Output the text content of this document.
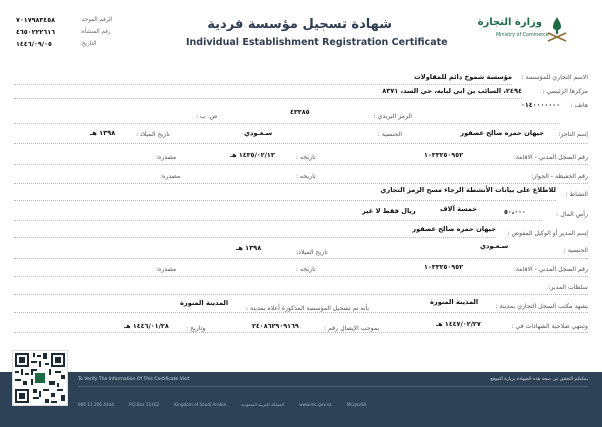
٧٠١٧٩٨٣٤٥٨	الرقم الموحد:
٤٦٥٠٢٢٢٦١٦	رقم المنشأة:
١٤٤٦/٠٩/٠٥	التاريخ:
شهادة تسجيل مؤسسة فردية
Individual Establishment Registration Certificate
وزارة التجارة
Ministry of Commerce
الاسم التجاري للمؤسسة :
مؤسسة شموخ دائم للمقاولات
مركزها الرئيسي :
٢٤٩٤، السائب بن ابي لبابه، حي السد، ٨٣٧١
هاتف :
٠١٤٠٠٠٠٠٠٠
ص. ب :	الرمز البريدي :
٤٣٣٨٥
إسم التاجر:
جيهان حمزه صالح عصفور
الجنسية :
سـعـودي
تاريخ الميلاد :
١٣٩٨ هـ
رقم السجل المدني - الاقامة:
١٠٣٣٢٥٠٩٥٢
تاريخه :
١٤٣٥/٠٢/١٣ هـ
مصدره:
رقم الحفيظة - الجواز:
تاريخه :
مصدره:
النشاط :
للاطلاع على بيانات الأنشطة الرجاء مسح الرمز التجاري
رأس المال :
٥٠،٠٠٠
خمسة آلاف
ريال فقط لا غير
إسم المدير أو الوكيل المفوض :
جيهان حمزه صالح عصفور
الجنسية :
سـعـودي
تاريخ الميلاد:
١٣٩٨ هـ
رقم السجل المدني - الاقامة:
١٠٣٣٢٥٠٩٥٢
تاريخه :
مصدره:
سلطات المدير:
يشهد مكتب السجل التجاري بمدينة :
المدينة المنورة
بأنه تم تسجيل المؤسسة المذكورة أعلاه بمدينة :
المدينة المنورة
وتنتهي صلاحية الشهادات في :
١٤٤٧/٠٢/٢٧ هـ
بموجب الإيصال رقم :
٢٤٠٨٦٢٩٠٩١٦٩
وتاريخ :
١٤٤٦/٠١/٢٨ هـ
To Verify The Information Of This Certificate Visit	يمكنكم التحقق من صحة هذه الشهادة بزيارة الموقع
966 11 206 4444	P.O.Box 11162	Kingdom of Saudi Arabia	المملكة العربية السعودية	www.mc.gov.sa	MCgovSA
